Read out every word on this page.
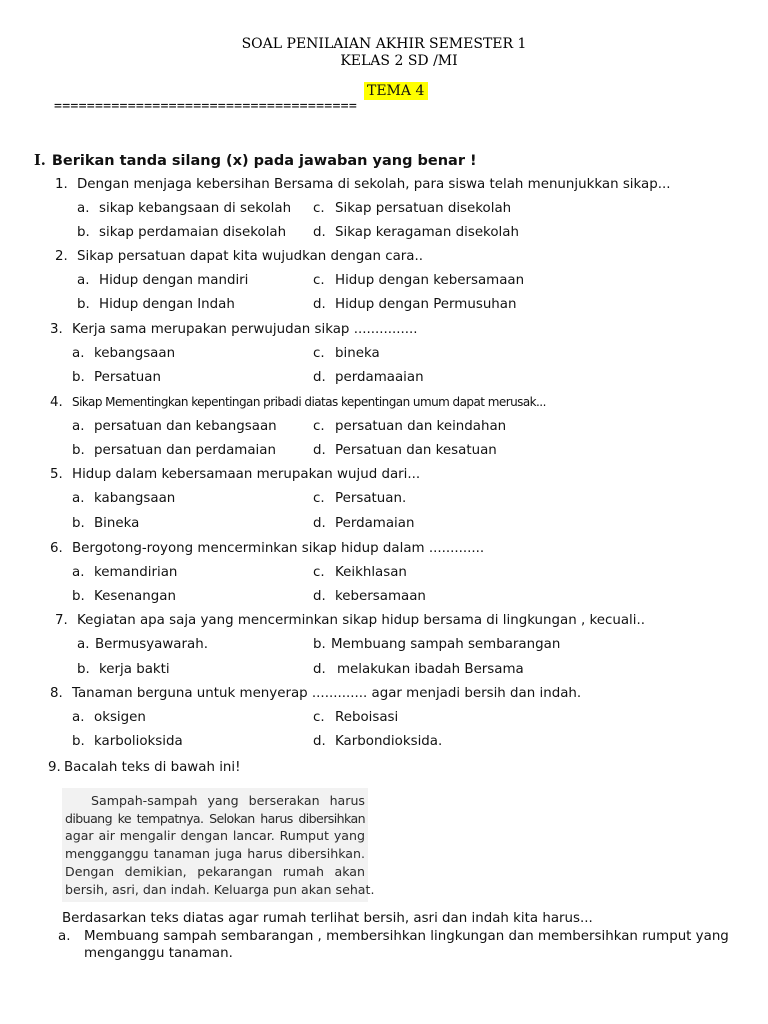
SOAL PENILAIAN AKHIR SEMESTER 1
KELAS 2 SD /MI
TEMA 4
=====================================
I. Berikan tanda silang (x) pada jawaban yang benar !
1. Dengan menjaga kebersihan Bersama di sekolah, para siswa telah menunjukkan sikap...
a. sikap kebangsaan di sekolah
b. sikap perdamaian disekolah
c. Sikap persatuan disekolah
d. Sikap keragaman disekolah
2. Sikap persatuan dapat kita wujudkan dengan cara..
a. Hidup dengan mandiri
b. Hidup dengan Indah
c. Hidup dengan kebersamaan
d. Hidup dengan Permusuhan
3. Kerja sama merupakan perwujudan sikap ...............
a. kebangsaan
b. Persatuan
c. bineka
d. perdamaaian
4. Sikap Mementingkan kepentingan pribadi diatas kepentingan umum dapat merusak...
a. persatuan dan kebangsaan
b. persatuan dan perdamaian
c. persatuan dan keindahan
d. Persatuan dan kesatuan
5. Hidup dalam kebersamaan merupakan wujud dari...
a. kabangsaan
b. Bineka
c. Persatuan.
d. Perdamaian
6. Bergotong-royong mencerminkan sikap hidup dalam .............
a. kemandirian
b. Kesenangan
c. Keikhlasan
d. kebersamaan
7. Kegiatan apa saja yang mencerminkan sikap hidup bersama di lingkungan , kecuali..
a. Bermusyawarah.
b. kerja bakti
b. Membuang sampah sembarangan
d. melakukan ibadah Bersama
8. Tanaman berguna untuk menyerap ............. agar menjadi bersih dan indah.
a. oksigen
b. karbolioksida
c. Reboisasi
d. Karbondioksida.
9. Bacalah teks di bawah ini!
Sampah-sampah yang berserakan harus
dibuang ke tempatnya. Selokan harus dibersihkan
agar air mengalir dengan lancar. Rumput yang
mengganggu tanaman juga harus dibersihkan.
Dengan demikian, pekarangan rumah akan
bersih, asri, dan indah. Keluarga pun akan sehat.
Berdasarkan teks diatas agar rumah terlihat bersih, asri dan indah kita harus...
a. Membuang sampah sembarangan , membersihkan lingkungan dan membersihkan rumput yang
menganggu tanaman.
